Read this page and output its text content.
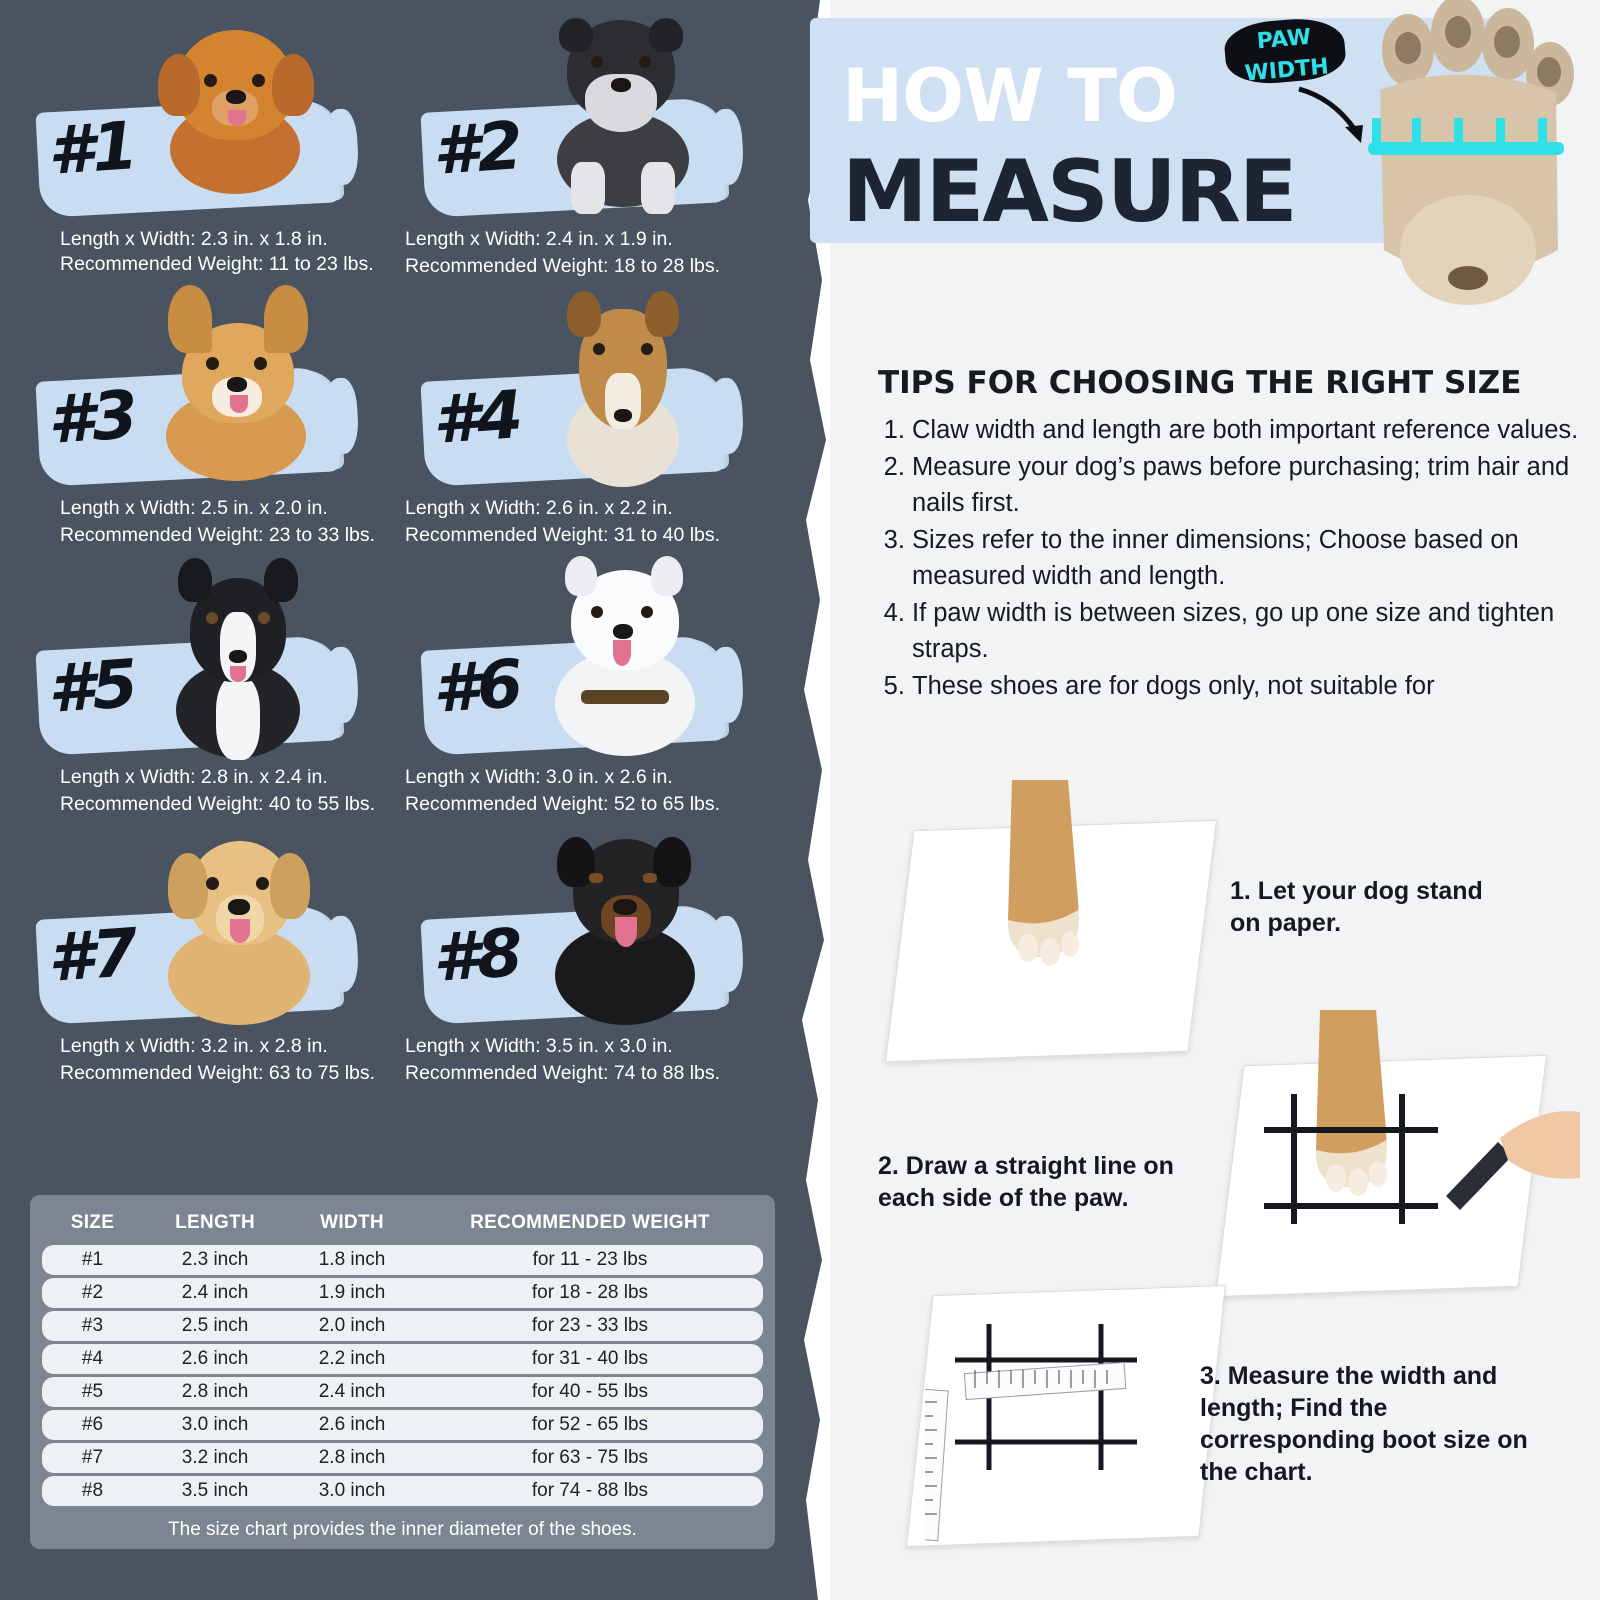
#1
Length x Width: 2.3 in. x 1.8 in.
Recommended Weight: 11 to 23 lbs.
#2
Length x Width: 2.4 in. x 1.9 in.
Recommended Weight: 18 to 28 lbs.
#3
Length x Width: 2.5 in. x 2.0 in.
Recommended Weight: 23 to 33 lbs.
#4
Length x Width: 2.6 in. x 2.2 in.
Recommended Weight: 31 to 40 lbs.
#5
Length x Width: 2.8 in. x 2.4 in.
Recommended Weight: 40 to 55 lbs.
#6
Length x Width: 3.0 in. x 2.6 in.
Recommended Weight: 52 to 65 lbs.
#7
Length x Width: 3.2 in. x 2.8 in.
Recommended Weight: 63 to 75 lbs.
#8
Length x Width: 3.5 in. x 3.0 in.
Recommended Weight: 74 to 88 lbs.
SIZE	LENGTH	WIDTH	RECOMMENDED WEIGHT
#1	2.3 inch	1.8 inch	for 11 - 23 lbs
#2	2.4 inch	1.9 inch	for 18 - 28 lbs
#3	2.5 inch	2.0 inch	for 23 - 33 lbs
#4	2.6 inch	2.2 inch	for 31 - 40 lbs
#5	2.8 inch	2.4 inch	for 40 - 55 lbs
#6	3.0 inch	2.6 inch	for 52 - 65 lbs
#7	3.2 inch	2.8 inch	for 63 - 75 lbs
#8	3.5 inch	3.0 inch	for 74 - 88 lbs
The size chart provides the inner diameter of the shoes.
HOW TO
MEASURE
PAW
WIDTH
TIPS FOR CHOOSING THE RIGHT SIZE
1. Claw width and length are both important reference values.
2. Measure your dog’s paws before purchasing; trim hair and nails first.
3. Sizes refer to the inner dimensions; Choose based on measured width and length.
4. If paw width is between sizes, go up one size and tighten straps.
5. These shoes are for dogs only, not suitable for
1. Let your dog stand on paper.
2. Draw a straight line on each side of the paw.
3. Measure the width and length; Find the corresponding boot size on the chart.
